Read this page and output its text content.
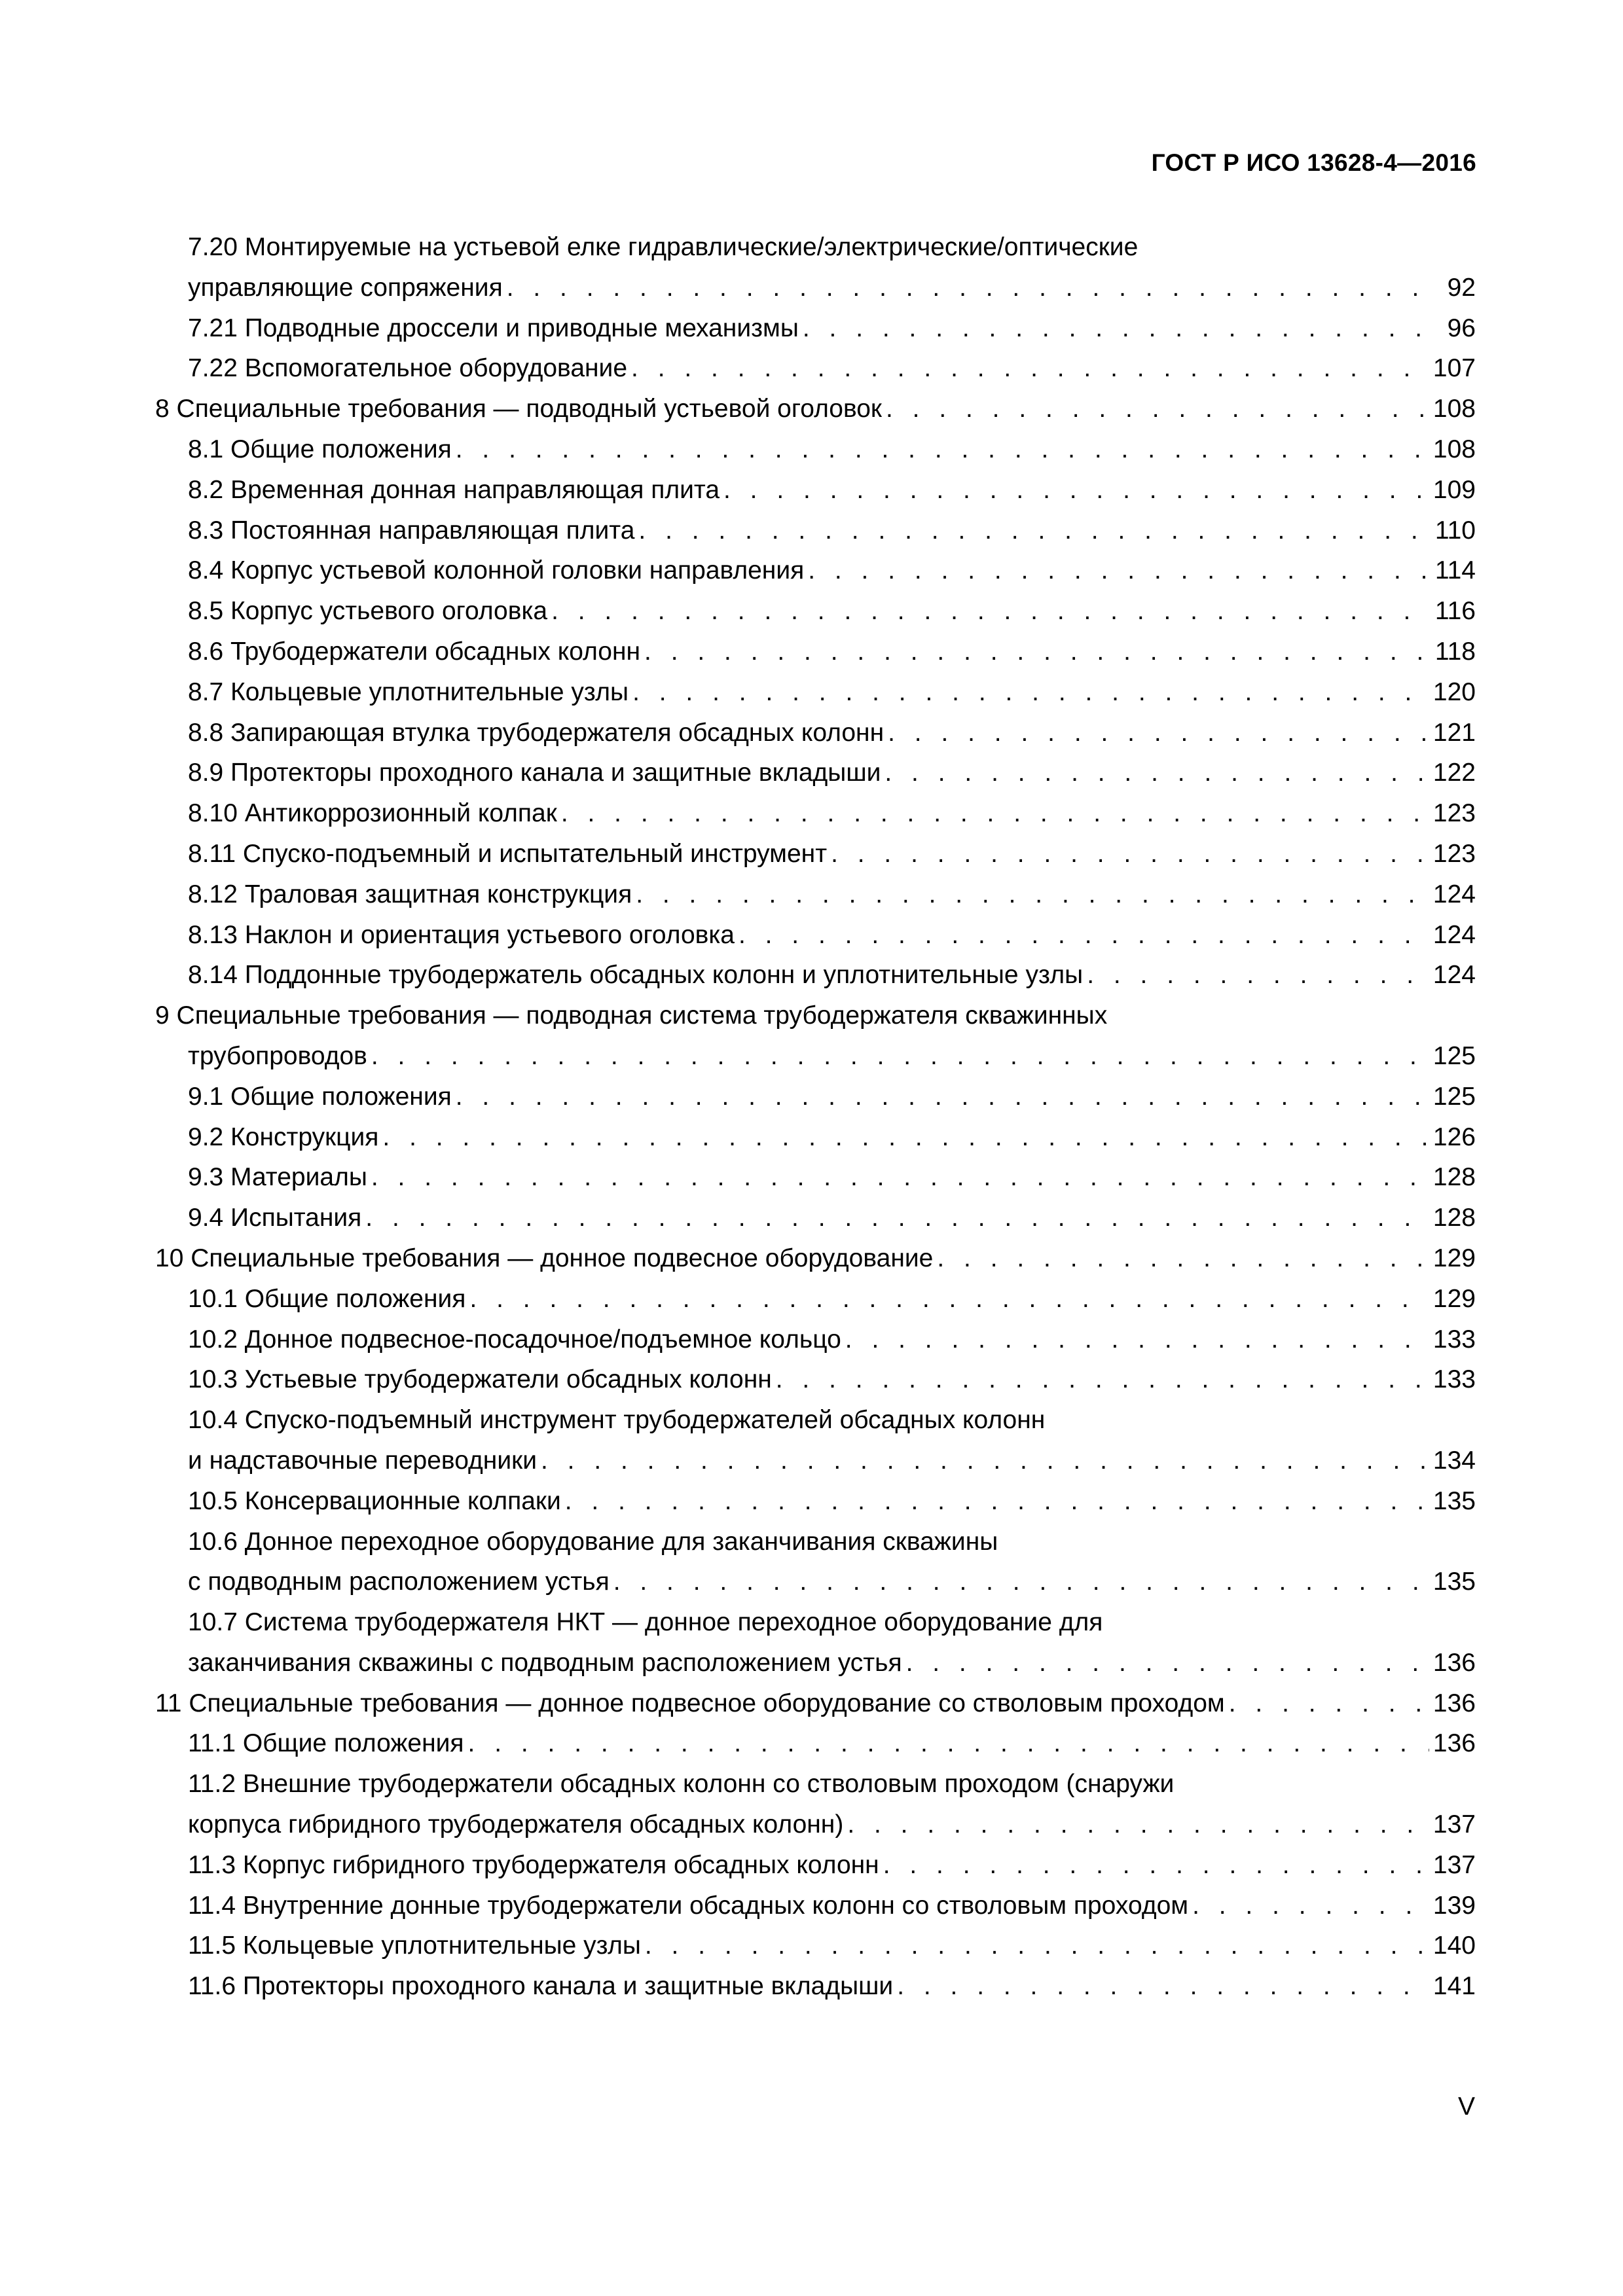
ГОСТ Р ИСО 13628-4—2016
7.20 Монтируемые на устьевой елке гидравлические/электрические/оптические
управляющие сопряжения . . .	92
7.21 Подводные дроссели и приводные механизмы . . .	96
7.22 Вспомогательное оборудование . . .	107
8 Специальные требования — подводный устьевой оголовок . . .	108
8.1 Общие положения . . .	108
8.2 Временная донная направляющая плита . . .	109
8.3 Постоянная направляющая плита . . .	110
8.4 Корпус устьевой колонной головки направления . . .	114
8.5 Корпус устьевого оголовка . . .	116
8.6 Трубодержатели обсадных колонн . . .	118
8.7 Кольцевые уплотнительные узлы . . .	120
8.8 Запирающая втулка трубодержателя обсадных колонн . . .	121
8.9 Протекторы проходного канала и защитные вкладыши . . .	122
8.10 Антикоррозионный колпак . . .	123
8.11 Спуско-подъемный и испытательный инструмент . . .	123
8.12 Траловая защитная конструкция . . .	124
8.13 Наклон и ориентация устьевого оголовка . . .	124
8.14 Поддонные трубодержатель обсадных колонн и уплотнительные узлы . . .	124
9 Специальные требования — подводная система трубодержателя скважинных
трубопроводов . . .	125
9.1 Общие положения . . .	125
9.2 Конструкция . . .	126
9.3 Материалы . . .	128
9.4 Испытания . . .	128
10 Специальные требования — донное подвесное оборудование . . .	129
10.1 Общие положения . . .	129
10.2 Донное подвесное-посадочное/подъемное кольцо . . .	133
10.3 Устьевые трубодержатели обсадных колонн . . .	133
10.4 Спуско-подъемный инструмент трубодержателей обсадных колонн
и надставочные переводники . . .	134
10.5 Консервационные колпаки . . .	135
10.6 Донное переходное оборудование для заканчивания скважины
с подводным расположением устья . . .	135
10.7 Система трубодержателя НКТ — донное переходное оборудование для
заканчивания скважины с подводным расположением устья . . .	136
11 Специальные требования — донное подвесное оборудование со стволовым проходом . . .	136
11.1 Общие положения . . .	136
11.2 Внешние трубодержатели обсадных колонн со стволовым проходом (снаружи
корпуса гибридного трубодержателя обсадных колонн) . . .	137
11.3 Корпус гибридного трубодержателя обсадных колонн . . .	137
11.4 Внутренние донные трубодержатели обсадных колонн со стволовым проходом . . .	139
11.5 Кольцевые уплотнительные узлы . . .	140
11.6 Протекторы проходного канала и защитные вкладыши . . .	141
V
